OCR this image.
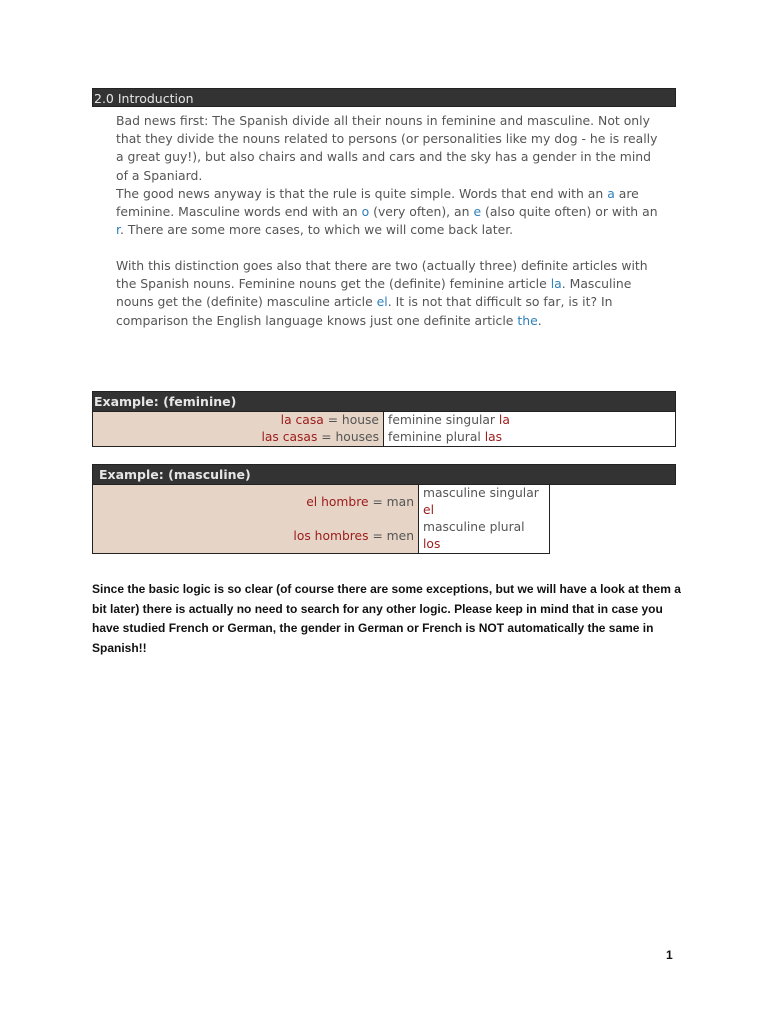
2.0 Introduction

Bad news first: The Spanish divide all their nouns in feminine and masculine. Not only that they divide the nouns related to persons (or personalities like my dog - he is really a great guy!), but also chairs and walls and cars and the sky has a gender in the mind of a Spaniard.

The good news anyway is that the rule is quite simple. Words that end with an a are feminine. Masculine words end with an o (very often), an e (also quite often) or with an r. There are some more cases, to which we will come back later.

With this distinction goes also that there are two (actually three) definite articles with the Spanish nouns. Feminine nouns get the (definite) feminine article la. Masculine nouns get the (definite) masculine article el. It is not that difficult so far, is it? In comparison the English language knows just one definite article the.

Example: (feminine)	
la casa = house	feminine singular la
las casas = houses	feminine plural las
Example: (masculine)		
el hombre = man	masculine singular el	
los hombres = men	masculine plural los	

Since the basic logic is so clear (of course there are some exceptions, but we will have a look at them a bit later) there is actually no need to search for any other logic. Please keep in mind that in case you have studied French or German, the gender in German or French is NOT automatically the same in Spanish!!

1
